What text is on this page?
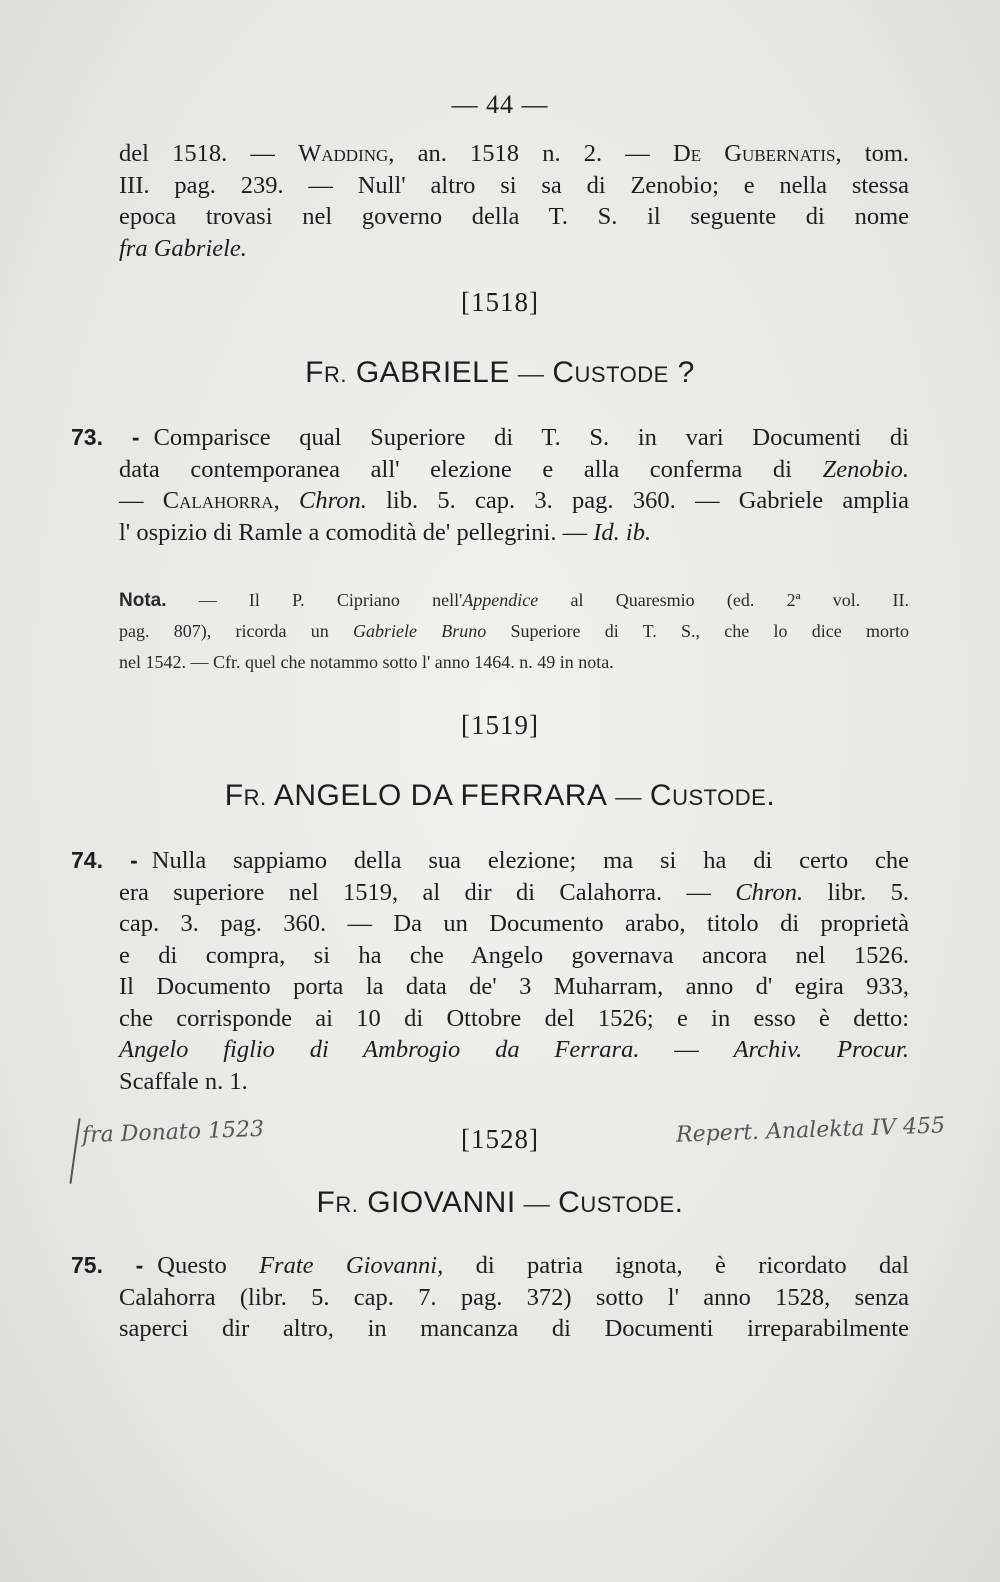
— 44 —
del 1518. — Wadding, an. 1518 n. 2. — De Gubernatis, tom.
III. pag. 239. — Null' altro si sa di Zenobio; e nella stessa
epoca trovasi nel governo della T. S. il seguente di nome
fra Gabriele.
[1518]
FR. GABRIELE — CUSTODE ?
73. - Comparisce qual Superiore di T. S. in vari Documenti di
data contemporanea all' elezione e alla conferma di Zenobio.
— Calahorra, Chron. lib. 5. cap. 3. pag. 360. — Gabriele amplia
l' ospizio di Ramle a comodità de' pellegrini. — Id. ib.
Nota. — Il P. Cipriano nell'Appendice al Quaresmio (ed. 2ª vol. II.
pag. 807), ricorda un Gabriele Bruno Superiore di T. S., che lo dice morto
nel 1542. — Cfr. quel che notammo sotto l' anno 1464. n. 49 in nota.
[1519]
FR. ANGELO DA FERRARA — CUSTODE.
74. - Nulla sappiamo della sua elezione; ma si ha di certo che
era superiore nel 1519, al dir di Calahorra. — Chron. libr. 5.
cap. 3. pag. 360. — Da un Documento arabo, titolo di proprietà
e di compra, si ha che Angelo governava ancora nel 1526.
Il Documento porta la data de' 3 Muharram, anno d' egira 933,
che corrisponde ai 10 di Ottobre del 1526; e in esso è detto:
Angelo figlio di Ambrogio da Ferrara. — Archiv. Procur.
Scaffale n. 1.
fra Donato 1523	[1528]	Repert. Analekta IV 455
FR. GIOVANNI — CUSTODE.
75. - Questo Frate Giovanni, di patria ignota, è ricordato dal
Calahorra (libr. 5. cap. 7. pag. 372) sotto l' anno 1528, senza
saperci dir altro, in mancanza di Documenti irreparabilmente
